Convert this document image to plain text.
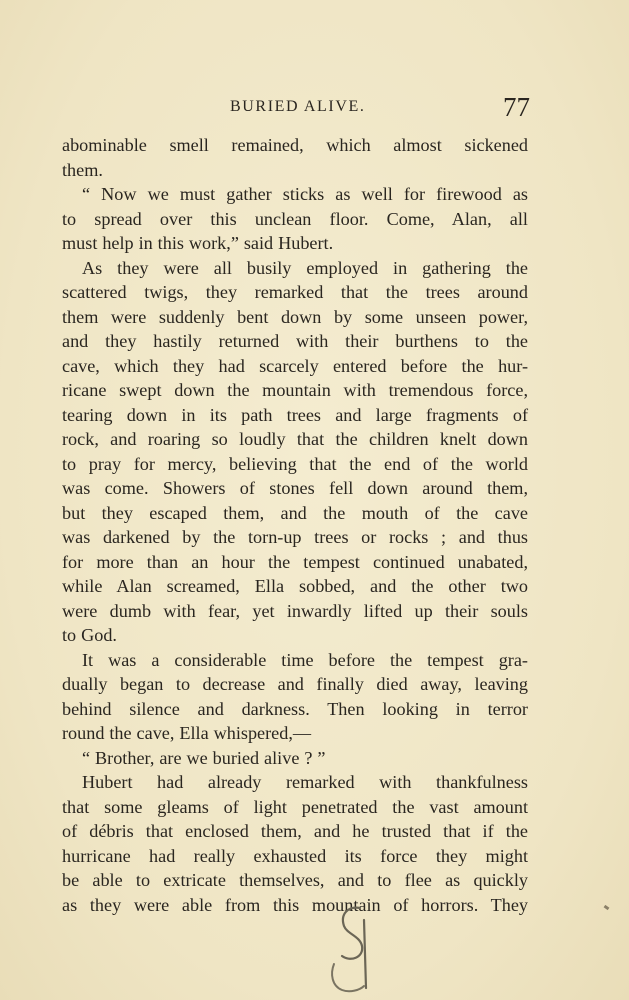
BURIED ALIVE.	77
abominable smell remained, which almost sickened
them.
“ Now we must gather sticks as well for firewood as
to spread over this unclean floor. Come, Alan, all
must help in this work,” said Hubert.
As they were all busily employed in gathering the
scattered twigs, they remarked that the trees around
them were suddenly bent down by some unseen power,
and they hastily returned with their burthens to the
cave, which they had scarcely entered before the hur-
ricane swept down the mountain with tremendous force,
tearing down in its path trees and large fragments of
rock, and roaring so loudly that the children knelt down
to pray for mercy, believing that the end of the world
was come. Showers of stones fell down around them,
but they escaped them, and the mouth of the cave
was darkened by the torn-up trees or rocks ; and thus
for more than an hour the tempest continued unabated,
while Alan screamed, Ella sobbed, and the other two
were dumb with fear, yet inwardly lifted up their souls
to God.
It was a considerable time before the tempest gra-
dually began to decrease and finally died away, leaving
behind silence and darkness. Then looking in terror
round the cave, Ella whispered,—
“ Brother, are we buried alive ? ”
Hubert had already remarked with thankfulness
that some gleams of light penetrated the vast amount
of débris that enclosed them, and he trusted that if the
hurricane had really exhausted its force they might
be able to extricate themselves, and to flee as quickly
as they were able from this mountain of horrors. They
